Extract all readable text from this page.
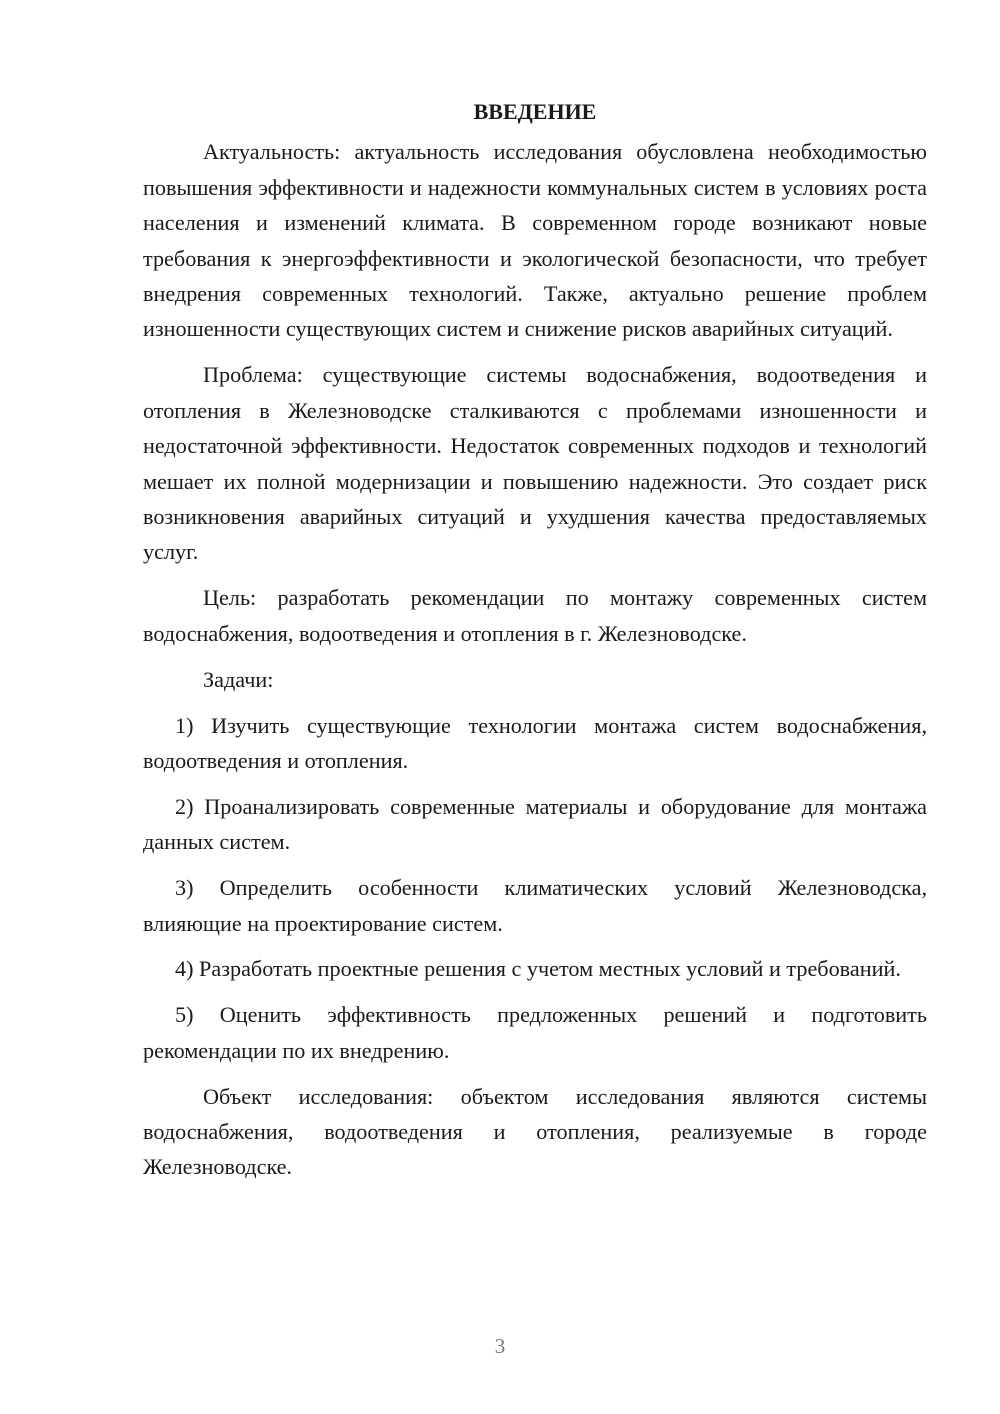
ВВЕДЕНИЕ

Актуальность: актуальность исследования обусловлена необходимостью повышения эффективности и надежности коммунальных систем в условиях роста населения и изменений климата. В современном городе возникают новые требования к энергоэффективности и экологической безопасности, что требует внедрения современных технологий. Также, актуально решение проблем изношенности существующих систем и снижение рисков аварийных ситуаций.

Проблема: существующие системы водоснабжения, водоотведения и отопления в Железноводске сталкиваются с проблемами изношенности и недостаточной эффективности. Недостаток современных подходов и технологий мешает их полной модернизации и повышению надежности. Это создает риск возникновения аварийных ситуаций и ухудшения качества предоставляемых услуг.

Цель: разработать рекомендации по монтажу современных систем водоснабжения, водоотведения и отопления в г. Железноводске.

Задачи:

1) Изучить существующие технологии монтажа систем водоснабжения, водоотведения и отопления.

2) Проанализировать современные материалы и оборудование для монтажа данных систем.

3) Определить особенности климатических условий Железноводска, влияющие на проектирование систем.

4) Разработать проектные решения с учетом местных условий и требований.

5) Оценить эффективность предложенных решений и подготовить рекомендации по их внедрению.

Объект исследования: объектом исследования являются системы водоснабжения, водоотведения и отопления, реализуемые в городе Железноводске.

3
